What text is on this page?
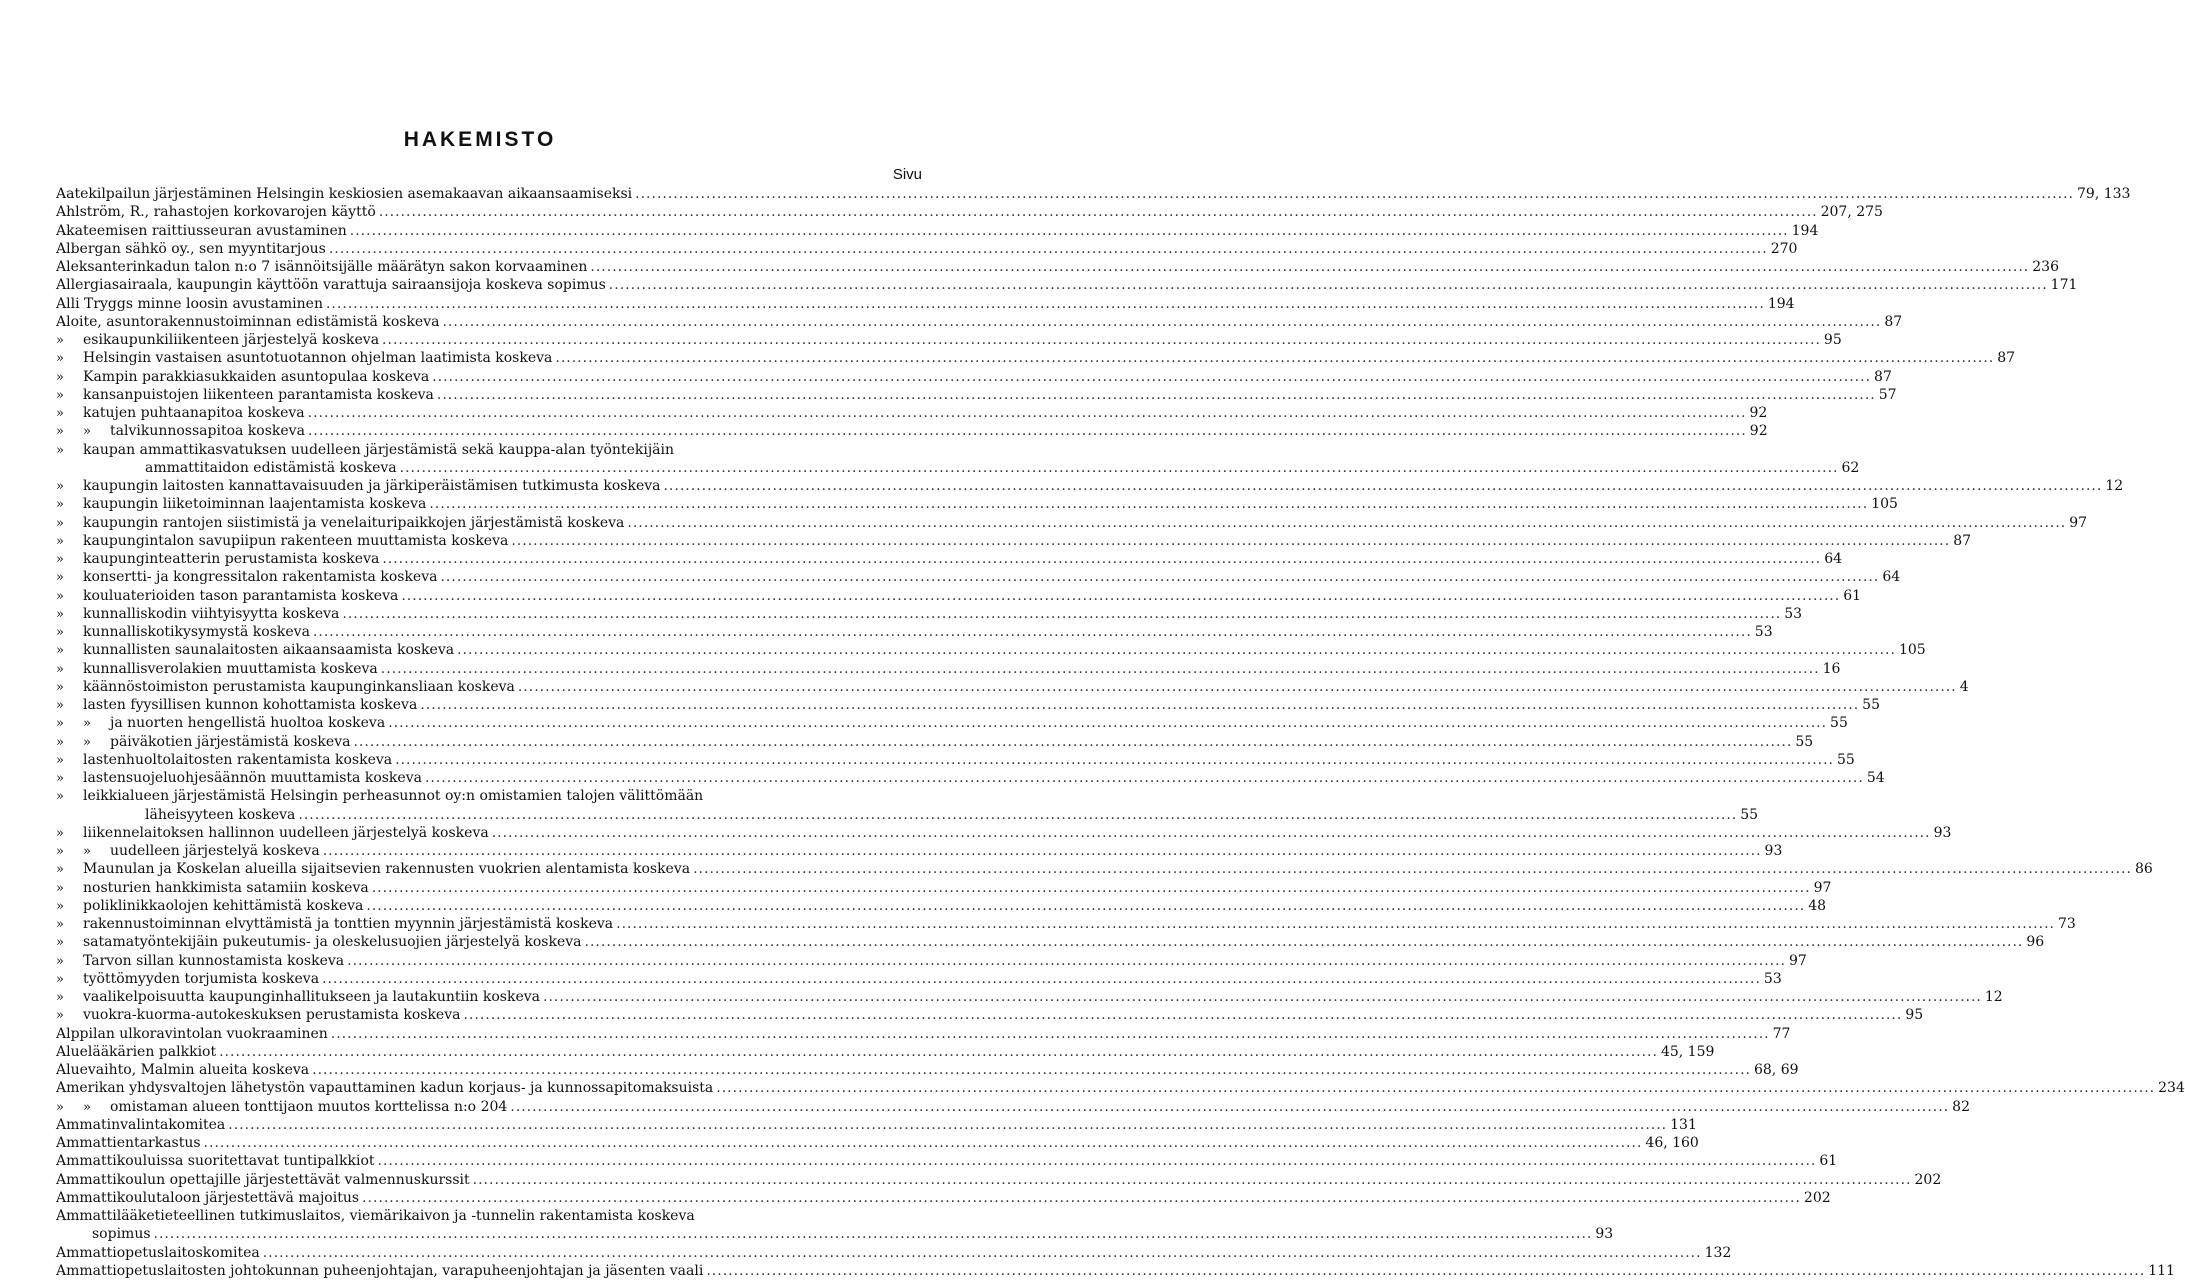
HAKEMISTO
Sivu
Aatekilpailun järjestäminen Helsingin keskiosien asemakaavan aikaansaamiseksi .....	79, 133
Ahlström, R., rahastojen korkovarojen käyttö .....	207, 275
Akateemisen raittiusseuran avustaminen .....	194
Albergan sähkö oy., sen myyntitarjous .....	270
Aleksanterinkadun talon n:o 7 isännöitsijälle määrätyn sakon korvaaminen .....	236
Allergiasairaala, kaupungin käyttöön varattuja sairaansijoja koskeva sopimus .....	171
Alli Tryggs minne loosin avustaminen .....	194
Aloite, asuntorakennustoiminnan edistämistä koskeva .....	87
»	esikaupunkiliikenteen järjestelyä koskeva .....	95
»	Helsingin vastaisen asuntotuotannon ohjelman laatimista koskeva .....	87
»	Kampin parakkiasukkaiden asuntopulaa koskeva .....	87
»	kansanpuistojen liikenteen parantamista koskeva .....	57
»	katujen puhtaanapitoa koskeva .....	92
»	»	talvikunnossapitoa koskeva .....	92
»	kaupan ammattikasvatuksen uudelleen järjestämistä sekä kauppa-alan työntekijäin
ammattitaidon edistämistä koskeva .....	62
»	kaupungin laitosten kannattavaisuuden ja järkiperäistämisen tutkimusta koskeva .....	12
»	kaupungin liiketoiminnan laajentamista koskeva .....	105
»	kaupungin rantojen siistimistä ja venelaituripaikkojen järjestämistä koskeva .....	97
»	kaupungintalon savupiipun rakenteen muuttamista koskeva .....	87
»	kaupunginteatterin perustamista koskeva .....	64
»	konsertti- ja kongressitalon rakentamista koskeva .....	64
»	kouluaterioiden tason parantamista koskeva .....	61
»	kunnalliskodin viihtyisyytta koskeva .....	53
»	kunnalliskotikysymystä koskeva .....	53
»	kunnallisten saunalaitosten aikaansaamista koskeva .....	105
»	kunnallisverolakien muuttamista koskeva .....	16
»	käännöstoimiston perustamista kaupunginkansliaan koskeva .....	4
»	lasten fyysillisen kunnon kohottamista koskeva .....	55
»	»	ja nuorten hengellistä huoltoa koskeva .....	55
»	»	päiväkotien järjestämistä koskeva .....	55
»	lastenhuoltolaitosten rakentamista koskeva .....	55
»	lastensuojeluohjesäännön muuttamista koskeva .....	54
»	leikkialueen järjestämistä Helsingin perheasunnot oy:n omistamien talojen välittömään
läheisyyteen koskeva .....	55
»	liikennelaitoksen hallinnon uudelleen järjestelyä koskeva .....	93
»	»	uudelleen järjestelyä koskeva .....	93
»	Maunulan ja Koskelan alueilla sijaitsevien rakennusten vuokrien alentamista koskeva .....	86
»	nosturien hankkimista satamiin koskeva .....	97
»	poliklinikkaolojen kehittämistä koskeva .....	48
»	rakennustoiminnan elvyttämistä ja tonttien myynnin järjestämistä koskeva .....	73
»	satamatyöntekijäin pukeutumis- ja oleskelusuojien järjestelyä koskeva .....	96
»	Tarvon sillan kunnostamista koskeva .....	97
»	työttömyyden torjumista koskeva .....	53
»	vaalikelpoisuutta kaupunginhallitukseen ja lautakuntiin koskeva .....	12
»	vuokra-kuorma-autokeskuksen perustamista koskeva .....	95
Alppilan ulkoravintolan vuokraaminen .....	77
Aluelääkärien palkkiot .....	45, 159
Aluevaihto, Malmin alueita koskeva .....	68, 69
Amerikan yhdysvaltojen lähetystön vapauttaminen kadun korjaus- ja kunnossapitomaksuista .....	234
»	»	omistaman alueen tonttijaon muutos korttelissa n:o 204 .....	82
Ammatinvalintakomitea .....	131
Ammattientarkastus .....	46, 160
Ammattikouluissa suoritettavat tuntipalkkiot .....	61
Ammattikoulun opettajille järjestettävät valmennuskurssit .....	202
Ammattikoulutaloon järjestettävä majoitus .....	202
Ammattilääketieteellinen tutkimuslaitos, viemärikaivon ja -tunnelin rakentamista koskeva
sopimus .....	93
Ammattiopetuslaitoskomitea .....	132
Ammattiopetuslaitosten johtokunnan puheenjohtajan, varapuheenjohtajan ja jäsenten vaali .....	111
